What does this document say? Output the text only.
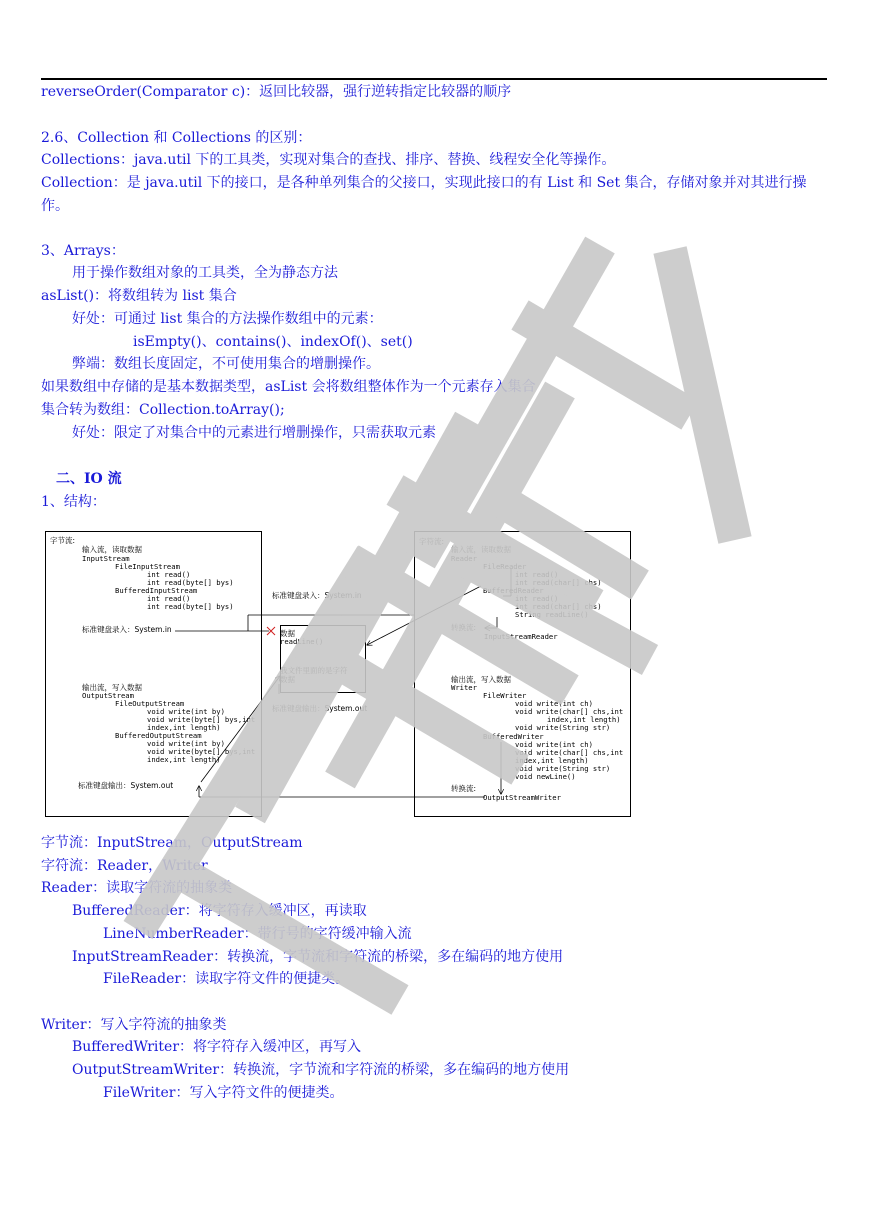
reverseOrder(Comparator c)：返回比较器，强行逆转指定比较器的顺序
2.6、Collection 和 Collections 的区别：
Collections：java.util 下的工具类，实现对集合的查找、排序、替换、线程安全化等操作。
Collection：是 java.util 下的接口，是各种单列集合的父接口，实现此接口的有 List 和 Set 集合，存储对象并对其进行操作。
3、Arrays：
用于操作数组对象的工具类，全为静态方法
asList()：将数组转为 list 集合
好处：可通过 list 集合的方法操作数组中的元素：
isEmpty()、contains()、indexOf()、set()
弊端：数组长度固定，不可使用集合的增删操作。
如果数组中存储的是基本数据类型，asList 会将数组整体作为一个元素存入集合
集合转为数组：Collection.toArray();
好处：限定了对集合中的元素进行增删操作，只需获取元素
二、IO 流
1、结构：
字节流:
输入流，读取数据
InputStream
FileInputStream
int read()
int read(byte[] bys)
BufferedInputStream
int read()
int read(byte[] bys)
标准键盘录入：System.in
输出流，写入数据
OutputStream
FileOutputStream
void write(int by)
void write(byte[] bys,int
index,int length)
BufferedOutputStream
void write(int by)
void write(byte[] bys,int
index,int length)
标准键盘输出：System.out
标准键盘录入：System.in
数据
readLine()
我文件里面的是字符
数据
标准键盘输出：System.out
字符流:
输入流，读取数据
Reader
FileReader
int read()
int read(char[] chs)
BufferedReader
int read()
int read(char[] chs)
String readLine()
转换流:
InputStreamReader
输出流，写入数据
Writer
FileWriter
void write(int ch)
void write(char[] chs,int
index,int length)
void write(String str)
BufferedWriter
void write(int ch)
void write(char[] chs,int
index,int length)
void write(String str)
void newLine()
转换流:
OutputStreamWriter
字节流：InputStream，OutputStream
字符流：Reader，Writer
Reader：读取字符流的抽象类
BufferedReader：将字符存入缓冲区，再读取
LineNumberReader：带行号的字符缓冲输入流
InputStreamReader：转换流，字节流和字符流的桥梁，多在编码的地方使用
FileReader：读取字符文件的便捷类。
Writer：写入字符流的抽象类
BufferedWriter：将字符存入缓冲区，再写入
OutputStreamWriter：转换流，字节流和字符流的桥梁，多在编码的地方使用
FileWriter：写入字符文件的便捷类。
